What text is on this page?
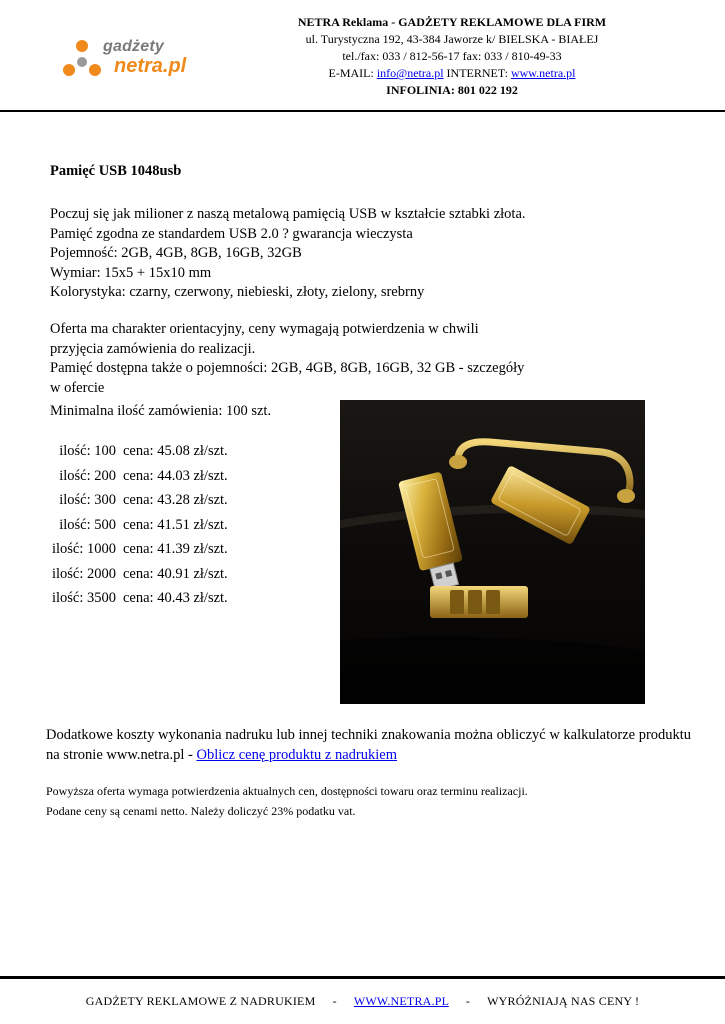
gadżety
netra.pl
NETRA Reklama - GADŻETY REKLAMOWE DLA FIRM
ul. Turystyczna 192, 43-384 Jaworze k/ BIELSKA - BIAŁEJ
tel./fax: 033 / 812-56-17 fax: 033 / 810-49-33
E-MAIL: info@netra.pl INTERNET: www.netra.pl
INFOLINIA: 801 022 192
Pamięć USB 1048usb
Poczuj się jak milioner z naszą metalową pamięcią USB w kształcie sztabki złota.
Pamięć zgodna ze standardem USB 2.0 ? gwarancja wieczysta
Pojemność: 2GB, 4GB, 8GB, 16GB, 32GB
Wymiar: 15x5 + 15x10 mm
Kolorystyka: czarny, czerwony, niebieski, złoty, zielony, srebrny
Oferta ma charakter orientacyjny, ceny wymagają potwierdzenia w chwili
przyjęcia zamówienia do realizacji.
Pamięć dostępna także o pojemności: 2GB, 4GB, 8GB, 16GB, 32 GB - szczegóły
w ofercie
Minimalna ilość zamówienia: 100 szt.
ilość: 100 cena: 45.08 zł/szt.
ilość: 200 cena: 44.03 zł/szt.
ilość: 300 cena: 43.28 zł/szt.
ilość: 500 cena: 41.51 zł/szt.
ilość: 1000 cena: 41.39 zł/szt.
ilość: 2000 cena: 40.91 zł/szt.
ilość: 3500 cena: 40.43 zł/szt.
Dodatkowe koszty wykonania nadruku lub innej techniki znakowania można obliczyć w kalkulatorze produktu
na stronie www.netra.pl - Oblicz cenę produktu z nadrukiem
Powyższa oferta wymaga potwierdzenia aktualnych cen, dostępności towaru oraz terminu realizacji.
Podane ceny są cenami netto. Należy doliczyć 23% podatku vat.
GADŻETY REKLAMOWE Z NADRUKIEM - WWW.NETRA.PL - WYRÓŻNIAJĄ NAS CENY !
